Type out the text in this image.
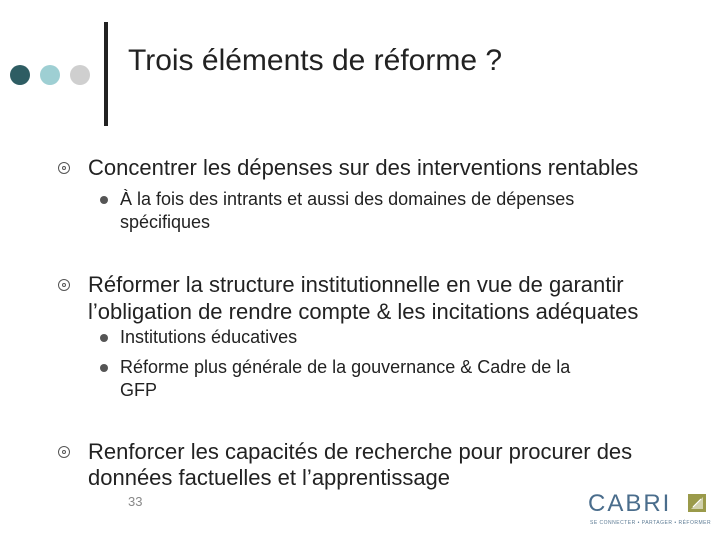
Trois éléments de réforme ?
Concentrer les dépenses sur des interventions rentables
À la fois des intrants et aussi des domaines de dépenses
spécifiques
Réformer la structure institutionnelle en vue de garantir
l’obligation de rendre compte & les incitations adéquates
Institutions éducatives
Réforme plus générale de la gouvernance & Cadre de la
GFP
Renforcer les capacités de recherche pour procurer des
données factuelles et l’apprentissage
33	CABRI
SE CONNECTER • PARTAGER • RÉFORMER
